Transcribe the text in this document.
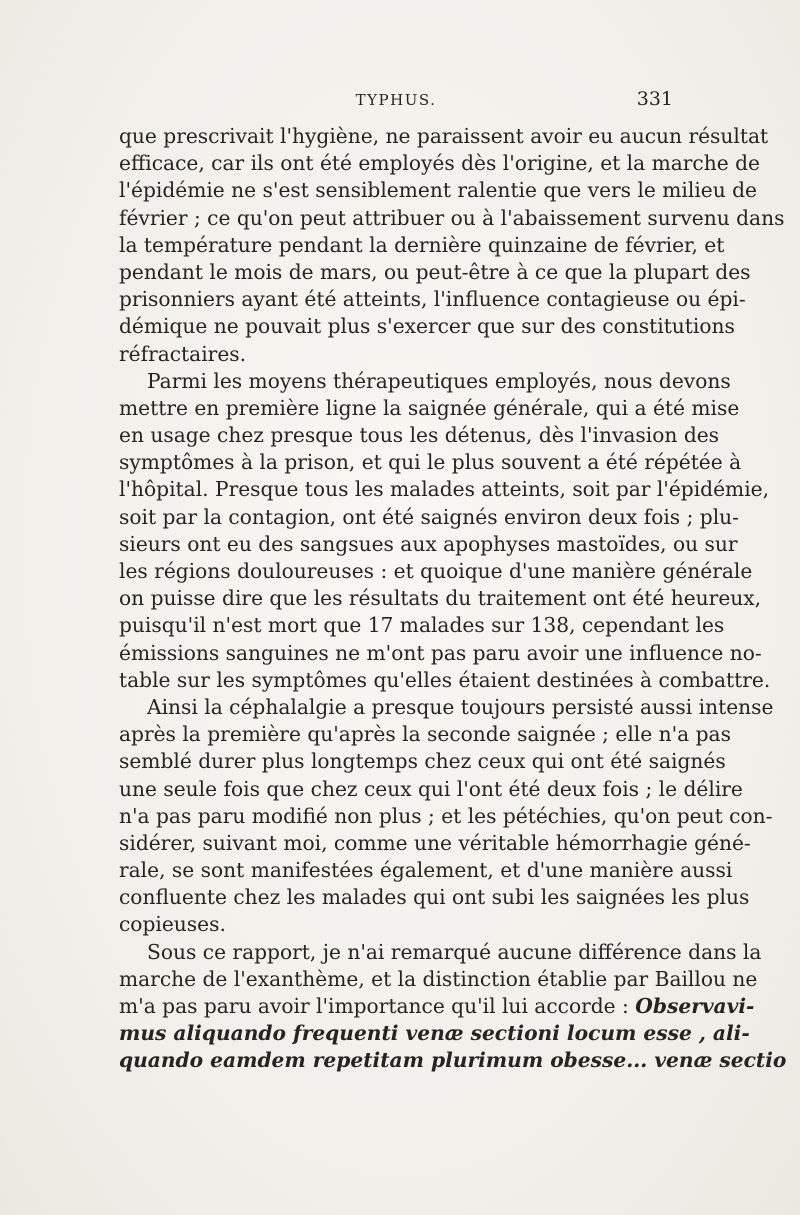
TYPHUS.	331
que prescrivait l'hygiène, ne paraissent avoir eu aucun résultat
efficace, car ils ont été employés dès l'origine, et la marche de
l'épidémie ne s'est sensiblement ralentie que vers le milieu de
février ; ce qu'on peut attribuer ou à l'abaissement survenu dans
la température pendant la dernière quinzaine de février, et
pendant le mois de mars, ou peut-être à ce que la plupart des
prisonniers ayant été atteints, l'influence contagieuse ou épi-
démique ne pouvait plus s'exercer que sur des constitutions
réfractaires.
Parmi les moyens thérapeutiques employés, nous devons
mettre en première ligne la saignée générale, qui a été mise
en usage chez presque tous les détenus, dès l'invasion des
symptômes à la prison, et qui le plus souvent a été répétée à
l'hôpital. Presque tous les malades atteints, soit par l'épidémie,
soit par la contagion, ont été saignés environ deux fois ; plu-
sieurs ont eu des sangsues aux apophyses mastoïdes, ou sur
les régions douloureuses : et quoique d'une manière générale
on puisse dire que les résultats du traitement ont été heureux,
puisqu'il n'est mort que 17 malades sur 138, cependant les
émissions sanguines ne m'ont pas paru avoir une influence no-
table sur les symptômes qu'elles étaient destinées à combattre.
Ainsi la céphalalgie a presque toujours persisté aussi intense
après la première qu'après la seconde saignée ; elle n'a pas
semblé durer plus longtemps chez ceux qui ont été saignés
une seule fois que chez ceux qui l'ont été deux fois ; le délire
n'a pas paru modifié non plus ; et les pétéchies, qu'on peut con-
sidérer, suivant moi, comme une véritable hémorrhagie géné-
rale, se sont manifestées également, et d'une manière aussi
confluente chez les malades qui ont subi les saignées les plus
copieuses.
Sous ce rapport, je n'ai remarqué aucune différence dans la
marche de l'exanthème, et la distinction établie par Baillou ne
m'a pas paru avoir l'importance qu'il lui accorde : Observavi-
mus aliquando frequenti venæ sectioni locum esse , ali-
quando eamdem repetitam plurimum obesse... venæ sectio
